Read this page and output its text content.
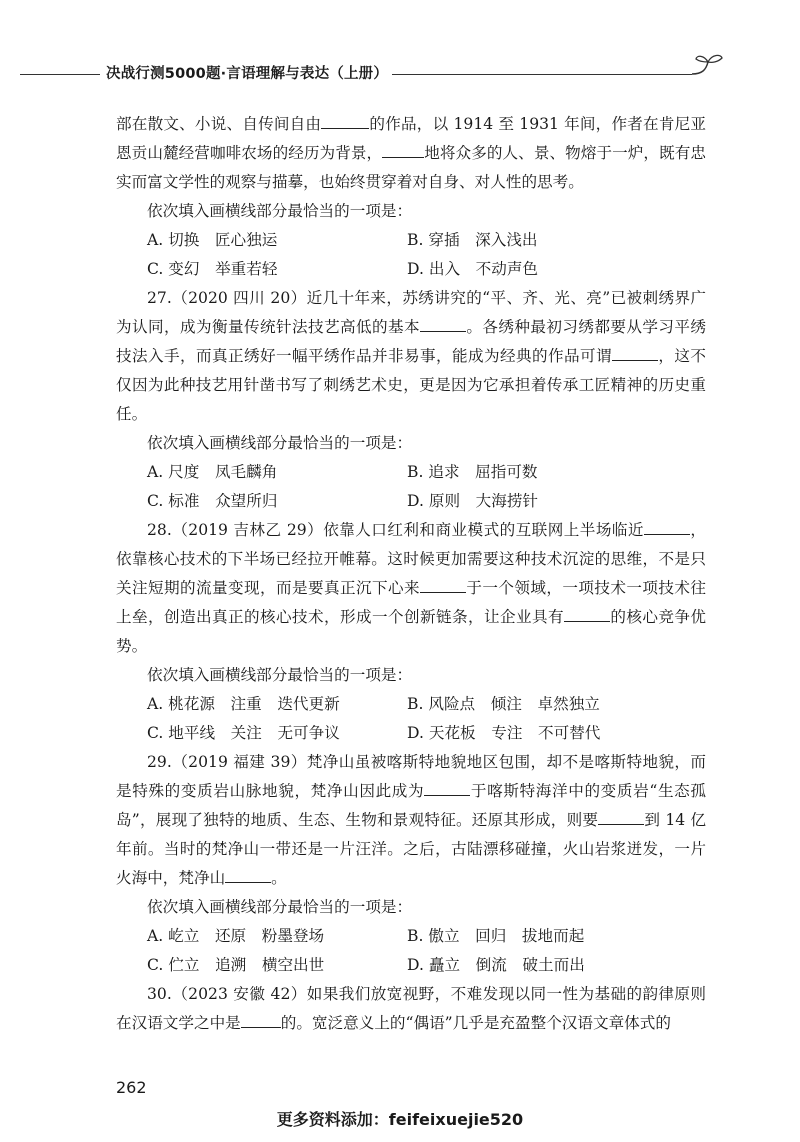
决战行测5000题·言语理解与表达（上册）

部在散文、小说、自传间自由	的作品，以 1914 至 1931 年间，作者在肯尼亚恩贡山麓经营咖啡农场的经历为背景，	地将众多的人、景、物熔于一炉，既有忠实而富文学性的观察与描摹，也始终贯穿着对自身、对人性的思考。

依次填入画横线部分最恰当的一项是：

A. 切换　匠心独运	B. 穿插　深入浅出
C. 变幻　举重若轻	D. 出入　不动声色

27.（2020 四川 20）近几十年来，苏绣讲究的“平、齐、光、亮”已被刺绣界广为认同，成为衡量传统针法技艺高低的基本	。各绣种最初习绣都要从学习平绣技法入手，而真正绣好一幅平绣作品并非易事，能成为经典的作品可谓	，这不仅因为此种技艺用针凿书写了刺绣艺术史，更是因为它承担着传承工匠精神的历史重任。

依次填入画横线部分最恰当的一项是：

A. 尺度　凤毛麟角	B. 追求　屈指可数
C. 标准　众望所归	D. 原则　大海捞针

28.（2019 吉林乙 29）依靠人口红利和商业模式的互联网上半场临近	，依靠核心技术的下半场已经拉开帷幕。这时候更加需要这种技术沉淀的思维，不是只关注短期的流量变现，而是要真正沉下心来	于一个领域，一项技术一项技术往上垒，创造出真正的核心技术，形成一个创新链条，让企业具有	的核心竞争优势。

依次填入画横线部分最恰当的一项是：

A. 桃花源　注重　迭代更新	B. 风险点　倾注　卓然独立
C. 地平线　关注　无可争议	D. 天花板　专注　不可替代

29.（2019 福建 39）梵净山虽被喀斯特地貌地区包围，却不是喀斯特地貌，而是特殊的变质岩山脉地貌，梵净山因此成为	于喀斯特海洋中的变质岩“生态孤岛”，展现了独特的地质、生态、生物和景观特征。还原其形成，则要	到 14 亿年前。当时的梵净山一带还是一片汪洋。之后，古陆漂移碰撞，火山岩浆迸发，一片火海中，梵净山	。

依次填入画横线部分最恰当的一项是：

A. 屹立　还原　粉墨登场	B. 傲立　回归　拔地而起
C. 伫立　追溯　横空出世	D. 矗立　倒流　破土而出

30.（2023 安徽 42）如果我们放宽视野，不难发现以同一性为基础的韵律原则在汉语文学之中是	的。宽泛意义上的“偶语”几乎是充盈整个汉语文章体式的

262
更多资料添加：feifeixuejie520
